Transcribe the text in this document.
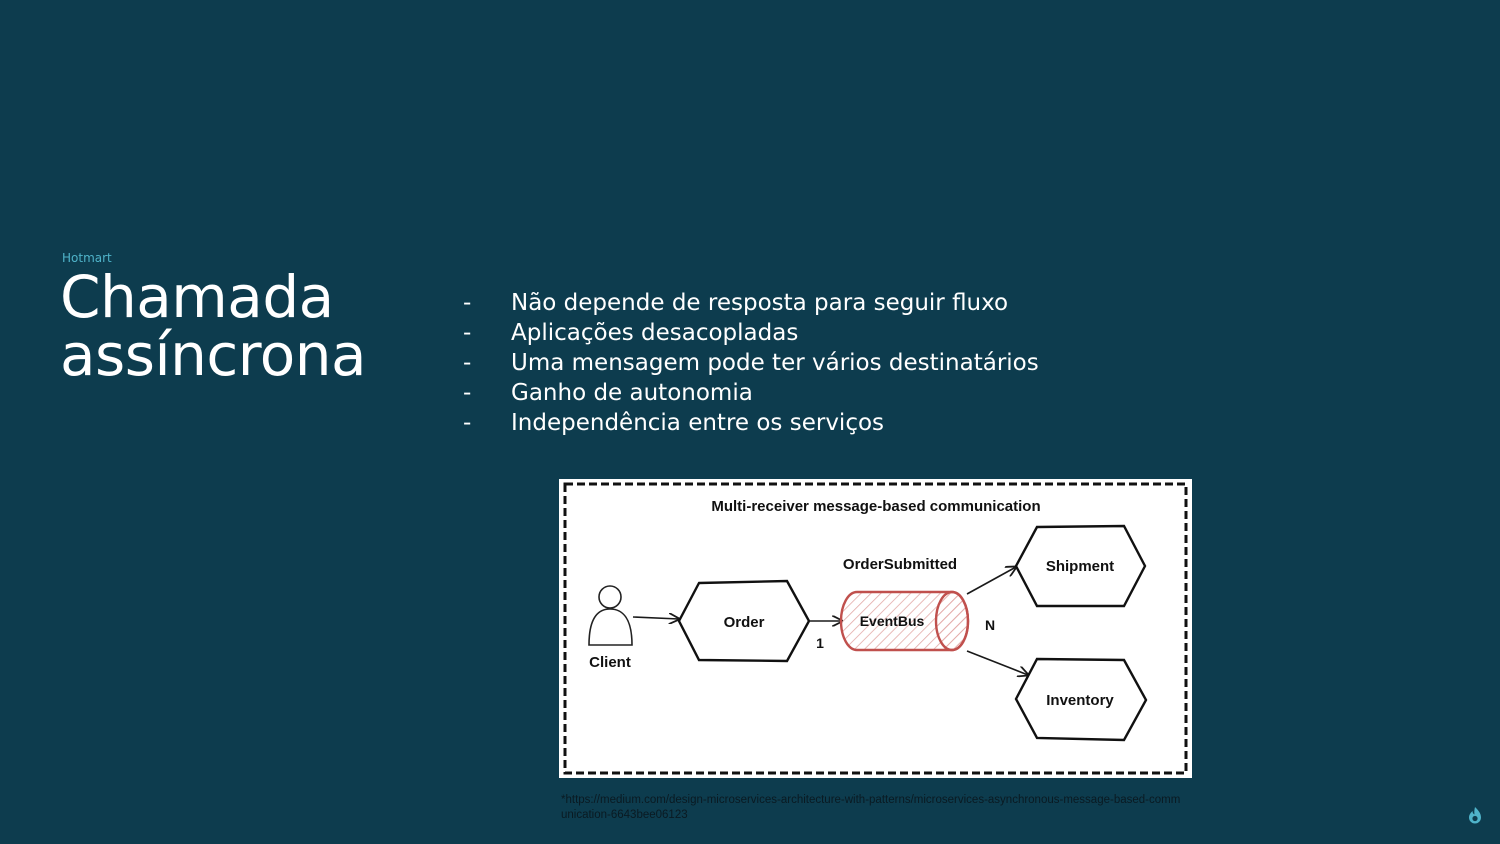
Hotmart
Chamada
assíncrona
-	Não depende de resposta para seguir fluxo
-	Aplicações desacopladas
-	Uma mensagem pode ter vários destinatários
-	Ganho de autonomia
-	Independência entre os serviços
Multi-receiver message-based communication
Client
Order
1
EventBus
OrderSubmitted
N
Shipment
Inventory
*https://medium.com/design-microservices-architecture-with-patterns/microservices-asynchronous-message-based-communication-6643bee06123
